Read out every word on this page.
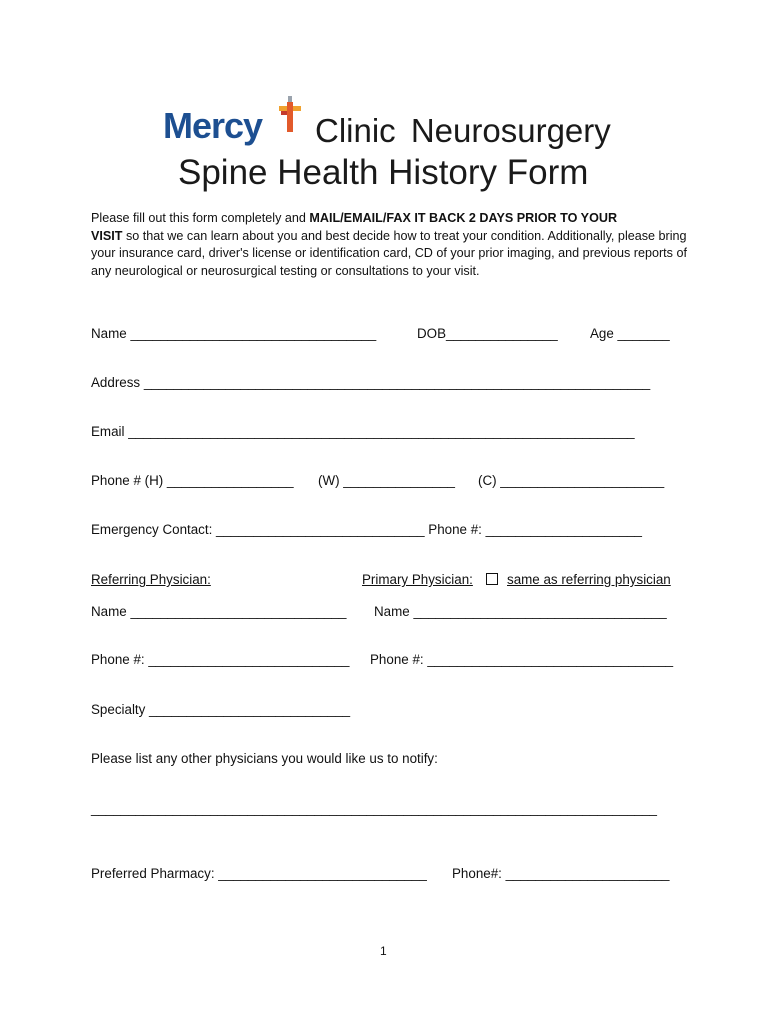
Mercy Clinic Neurosurgery
Spine Health History Form
Please fill out this form completely and MAIL/EMAIL/FAX IT BACK 2 DAYS PRIOR TO YOUR
VISIT so that we can learn about you and best decide how to treat your condition. Additionally, please bring your insurance card, driver's license or identification card, CD of your prior imaging, and previous reports of any neurological or neurosurgical testing or consultations to your visit.
Name _________________________________	DOB_______________ Age _______
Address ____________________________________________________________________
Email ____________________________________________________________________
Phone # (H) _________________ (W) _______________ (C) ______________________
Emergency Contact: ____________________________ Phone #: _____________________
Referring Physician:	Primary Physician:	same as referring physician
Name _____________________________ Name __________________________________
Phone #: ___________________________ Phone #: _________________________________
Specialty ___________________________
Please list any other physicians you would like us to notify:
____________________________________________________________________________
Preferred Pharmacy: ____________________________ Phone#: ______________________
1
